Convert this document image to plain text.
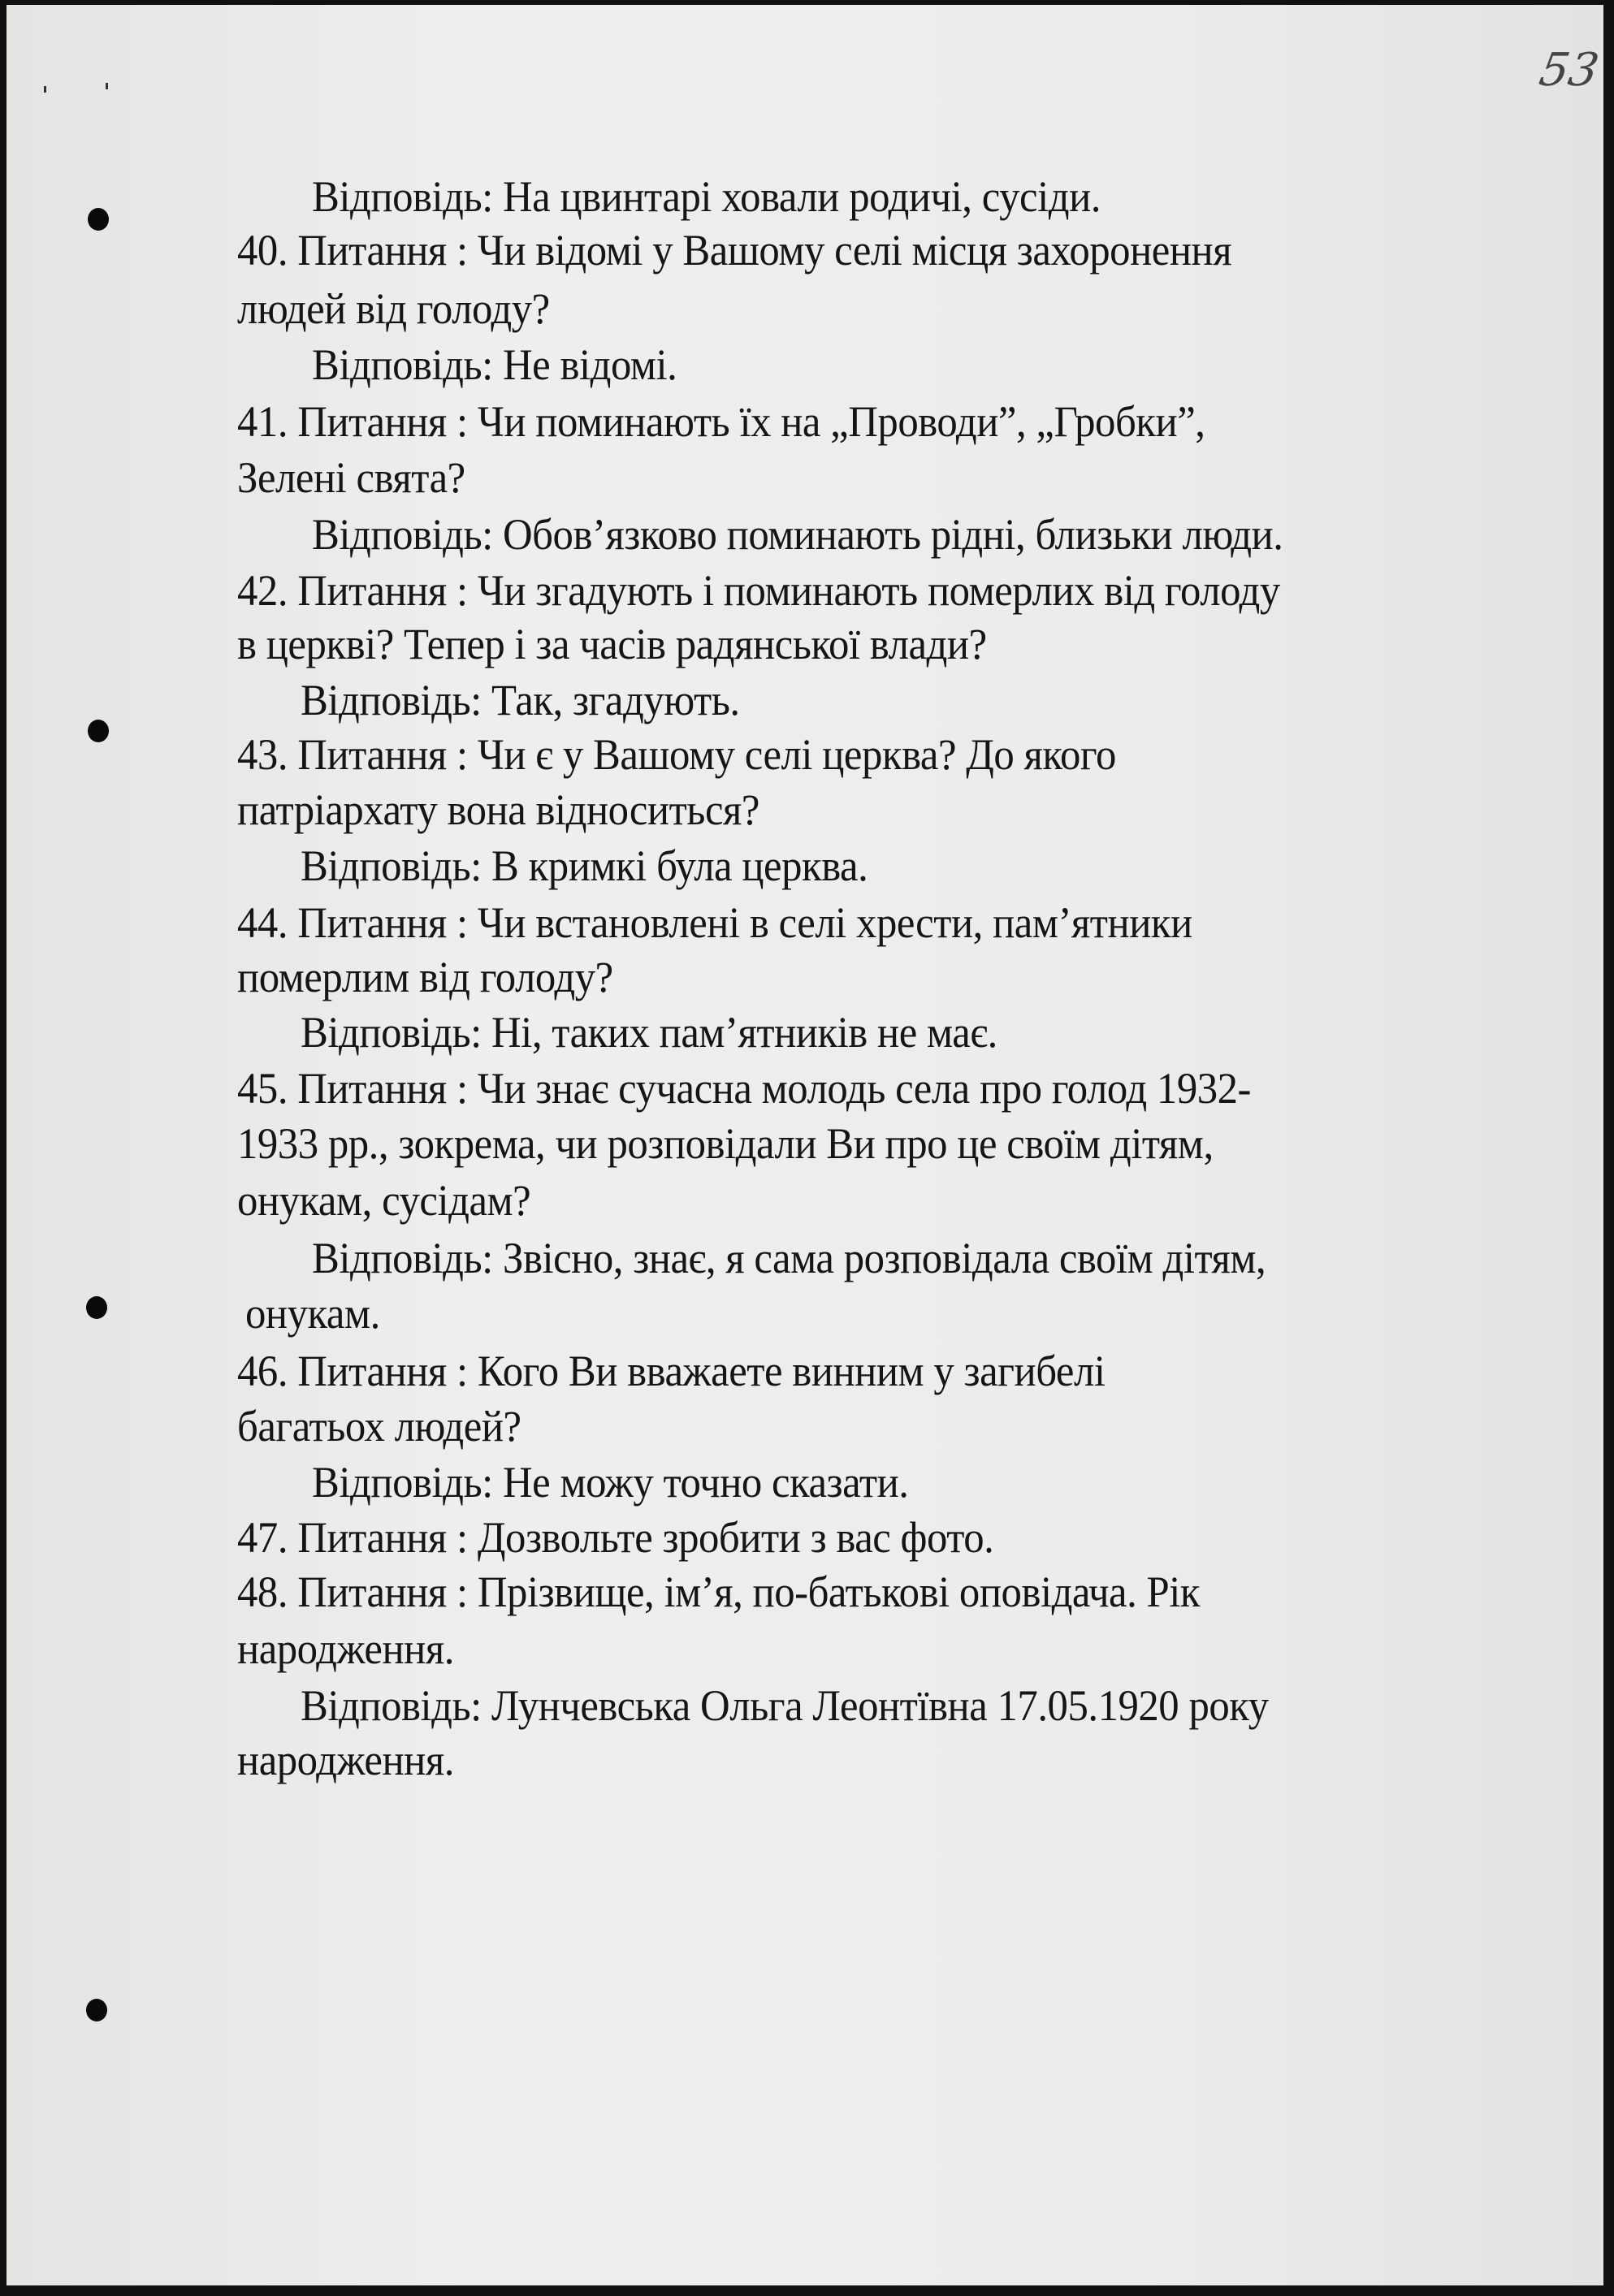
53
Відповідь: На цвинтарі ховали родичі, сусіди.
40. Питання : Чи відомі у Вашому селі місця захоронення
людей від голоду?
Відповідь: Не відомі.
41. Питання : Чи поминають їх на „Проводи”, „Гробки”,
Зелені свята?
Відповідь: Обов’язково поминають рідні, близьки люди.
42. Питання : Чи згадують і поминають померлих від голоду
в церкві? Тепер і за часів радянської влади?
Відповідь: Так, згадують.
43. Питання : Чи є у Вашому селі церква? До якого
патріархату вона відноситься?
Відповідь: В кримкі була церква.
44. Питання : Чи встановлені в селі хрести, пам’ятники
померлим від голоду?
Відповідь: Ні, таких пам’ятників не має.
45. Питання : Чи знає сучасна молодь села про голод 1932-
1933 рр., зокрема, чи розповідали Ви про це своїм дітям,
онукам, сусідам?
Відповідь: Звісно, знає, я сама розповідала своїм дітям,
онукам.
46. Питання : Кого Ви вважаете винним у загибелі
багатьох людей?
Відповідь: Не можу точно сказати.
47. Питання : Дозвольте зробити з вас фото.
48. Питання : Прізвище, ім’я, по-батькові оповідача. Рік
народження.
Відповідь: Лунчевська Ольга Леонтївна 17.05.1920 року
народження.
